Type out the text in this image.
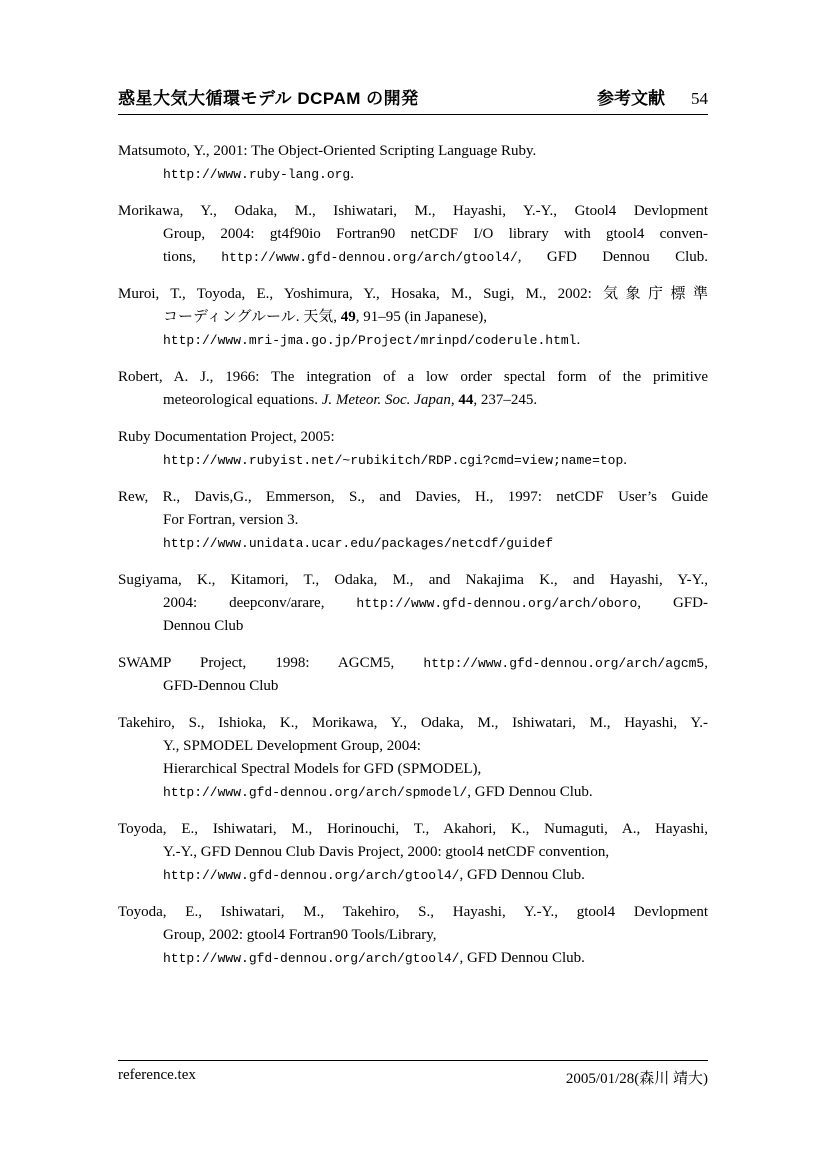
惑星大気大循環モデル DCPAM の開発	参考文献 54
Matsumoto, Y., 2001: The Object-Oriented Scripting Language Ruby.
http://www.ruby-lang.org.
Morikawa, Y., Odaka, M., Ishiwatari, M., Hayashi, Y.-Y., Gtool4 Devlopment
Group, 2004: gt4f90io Fortran90 netCDF I/O library with gtool4 conven-
tions, http://www.gfd-dennou.org/arch/gtool4/, GFD Dennou Club.
Muroi, T., Toyoda, E., Yoshimura, Y., Hosaka, M., Sugi, M., 2002: 気象庁標準
コーディングルール. 天気, 49, 91–95 (in Japanese),
http://www.mri-jma.go.jp/Project/mrinpd/coderule.html.
Robert, A. J., 1966: The integration of a low order spectal form of the primitive
meteorological equations. J. Meteor. Soc. Japan, 44, 237–245.
Ruby Documentation Project, 2005:
http://www.rubyist.net/~rubikitch/RDP.cgi?cmd=view;name=top.
Rew, R., Davis,G., Emmerson, S., and Davies, H., 1997: netCDF User’s Guide
For Fortran, version 3.
http://www.unidata.ucar.edu/packages/netcdf/guidef
Sugiyama, K., Kitamori, T., Odaka, M., and Nakajima K., and Hayashi, Y-Y.,
2004: deepconv/arare, http://www.gfd-dennou.org/arch/oboro, GFD-
Dennou Club
SWAMP Project, 1998: AGCM5, http://www.gfd-dennou.org/arch/agcm5,
GFD-Dennou Club
Takehiro, S., Ishioka, K., Morikawa, Y., Odaka, M., Ishiwatari, M., Hayashi, Y.-
Y., SPMODEL Development Group, 2004:
Hierarchical Spectral Models for GFD (SPMODEL),
http://www.gfd-dennou.org/arch/spmodel/, GFD Dennou Club.
Toyoda, E., Ishiwatari, M., Horinouchi, T., Akahori, K., Numaguti, A., Hayashi,
Y.-Y., GFD Dennou Club Davis Project, 2000: gtool4 netCDF convention,
http://www.gfd-dennou.org/arch/gtool4/, GFD Dennou Club.
Toyoda, E., Ishiwatari, M., Takehiro, S., Hayashi, Y.-Y., gtool4 Devlopment
Group, 2002: gtool4 Fortran90 Tools/Library,
http://www.gfd-dennou.org/arch/gtool4/, GFD Dennou Club.
reference.tex	2005/01/28(森川 靖大)
